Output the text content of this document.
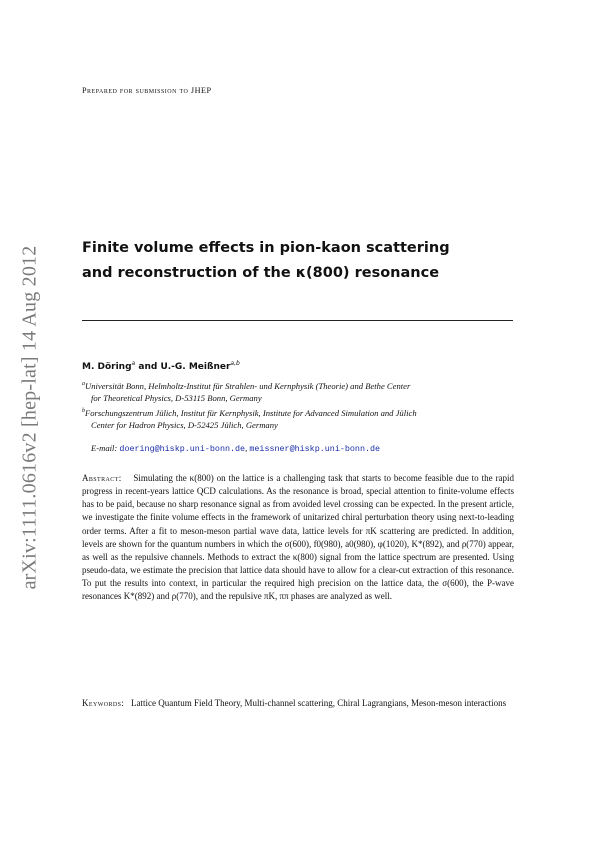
arXiv:1111.0616v2 [hep-lat] 14 Aug 2012
Prepared for submission to JHEP
Finite volume effects in pion-kaon scattering
and reconstruction of the κ(800) resonance
M. Döring$^a$ and U.-G. Meißner$^{a,b}$
$^a$Universität Bonn, Helmholtz-Institut für Strahlen- und Kernphysik (Theorie) and Bethe Center
for Theoretical Physics, D-53115 Bonn, Germany
$^b$Forschungszentrum Jülich, Institut für Kernphysik, Institute for Advanced Simulation and Jülich
Center for Hadron Physics, D-52425 Jülich, Germany
E-mail: doering@hiskp.uni-bonn.de, meissner@hiskp.uni-bonn.de
Abstract: Simulating the κ(800) on the lattice is a challenging task that starts to become feasible due to the rapid progress in recent-years lattice QCD calculations. As the resonance is broad, special attention to finite-volume effects has to be paid, because no sharp resonance signal as from avoided level crossing can be expected. In the present article, we investigate the finite volume effects in the framework of unitarized chiral perturbation theory using next-to-leading order terms. After a fit to meson-meson partial wave data, lattice levels for πK scattering are predicted. In addition, levels are shown for the quantum numbers in which the σ(600), f0(980), a0(980), φ(1020), K*(892), and ρ(770) appear, as well as the repulsive channels. Methods to extract the κ(800) signal from the lattice spectrum are presented. Using pseudo-data, we estimate the precision that lattice data should have to allow for a clear-cut extraction of this resonance. To put the results into context, in particular the required high precision on the lattice data, the σ(600), the P-wave resonances K*(892) and ρ(770), and the repulsive πK, ππ phases are analyzed as well.
Keywords: Lattice Quantum Field Theory, Multi-channel scattering, Chiral Lagrangians, Meson-meson interactions
